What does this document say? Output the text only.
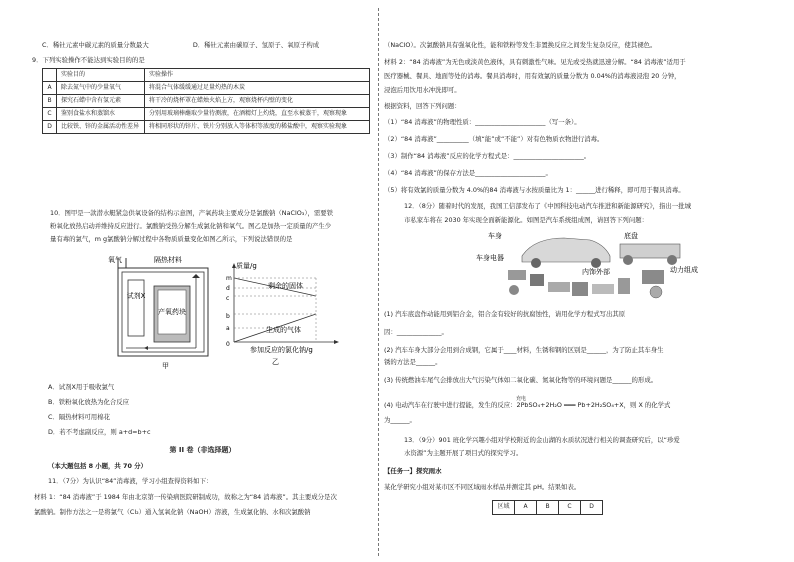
C．稀钍元素中碳元素的质量分数最大	D．稀钍元素由碳原子、氢原子、氧原子构成
9．下列实验操作不能达到实验目的的是
	实验目的	实验操作
A	除去氮气中的少量氧气	将混合气体缓缓通过足量灼热的木炭
B	探究石蜡中含有氢元素	将干冷的烧杯罩在蜡烛火焰上方，观察烧杯内壁的变化
C	鉴别食盐水和蒸馏水	分别用玻璃棒蘸取少量待测液，在酒精灯上灼烧，直至水被蒸干，观察现象
D	比较铁、锌的金属活动性差异	将相同形状的锌片、铁片分别放入等体积等浓度的稀盐酸中，观察实验现象
10．图甲是一款潜水艇紧急供氧设备的结构示意图，产氧药块主要成分是氯酸钠（NaClO₃），需要铁
粉氧化放热启动并维持反应进行。氯酸钠受热分解生成氯化钠和氧气。图乙是加热一定质量的产生少
量有毒的氯气，m g氯酸钠分解过程中各物质质量变化如图乙所示，下列说法错误的是
氧气	隔热材料
试剂X
产氧药块
甲
质量/g
m
d
c
b
a
0
剩余的固体
生成的气体
参加反应的氯化钠/g
乙
A．试剂X用于吸收氯气
B．铁粉氧化放热为化合反应
C．隔热材料可用棉花
D．若不考虑副反应，则 a+d=b+c
第 II 卷（非选择题）
（本大题包括 8 小题，共 70 分）
11．（7分）为认识“84”消毒液，学习小组查得资料如下：
材料 1：“84 消毒液”于 1984 年由北京第一传染病医院研制成功，故称之为“84 消毒液”。其主要成分是次
氯酸钠。制作方法之一是将氯气（Cl₂）通入氢氧化钠（NaOH）溶液，生成氯化钠、水和次氯酸钠
（NaClO）。次氯酸钠具有强氧化性，能和铁粉等发生非置换反应之间发生复杂反应，使其褪色。
材料 2：“84 消毒液”为无色或淡黄色液体，具有刺激性气味。见光或受热就迅速分解。“84 消毒液”适用于
医疗器械、餐具、地面等处的消毒。餐具消毒时，用有效氯的质量分数为 0.04%的消毒液浸泡 20 分钟，
浸泡后用饮用水冲洗即可。
根据资料，回答下列问题：
（1）“84 消毒液”的物理性质：______________________（写一条）。
（2）“84 消毒液”__________（填“能”或“不能”）对有色物质衣物进行消毒。
（3）制作“84 消毒液”反应的化学方程式是：______________________。
（4）“84 消毒液”的保存方法是______________________。
（5）将有效氯的质量分数为 4.0%的84 消毒液与水按质量比为 1：______进行稀释，即可用于餐具消毒。
12．（8分）随着时代的发展，我国工信部发布了《中国科技电动汽车推进和新能源研究》，指出一批城
市私家车将在 2030 年实现全面新能源化。如图是汽车系统组成图，请回答下列问题：
车身	底盘
车身电器
内饰外部	动力组成
(1) 汽车底盘作动能用到铝合金，铝合金有较好的抗腐蚀性，请用化学方程式写出其原
因：______________。
(2) 汽车车身大部分会用到合成钢，它属于____材料，生锈和钢的区别是______，为了防止其车身生
锈的方法是______。
(3) 传统燃油车尾气会排放出大气污染气体如二氧化碳、氮氧化物等的环境问题是______的形成。
充电
(4) 电动汽车在行驶中进行提能，发生的反应：2PbSO₄+2H₂O ═══ Pb+2H₂SO₄+X，则 X 的化学式
为______。
13．（9分）901 班化学兴趣小组对学校附近的金山湖的水质状况进行相关的调查研究后，以“珍爱
水资源”为主题开展了项目式的探究学习。
【任务一】探究雨水
某化学研究小组对某市区不同区域雨水样品并测定其 pH。结果如表。
区域	A	B	C	D
